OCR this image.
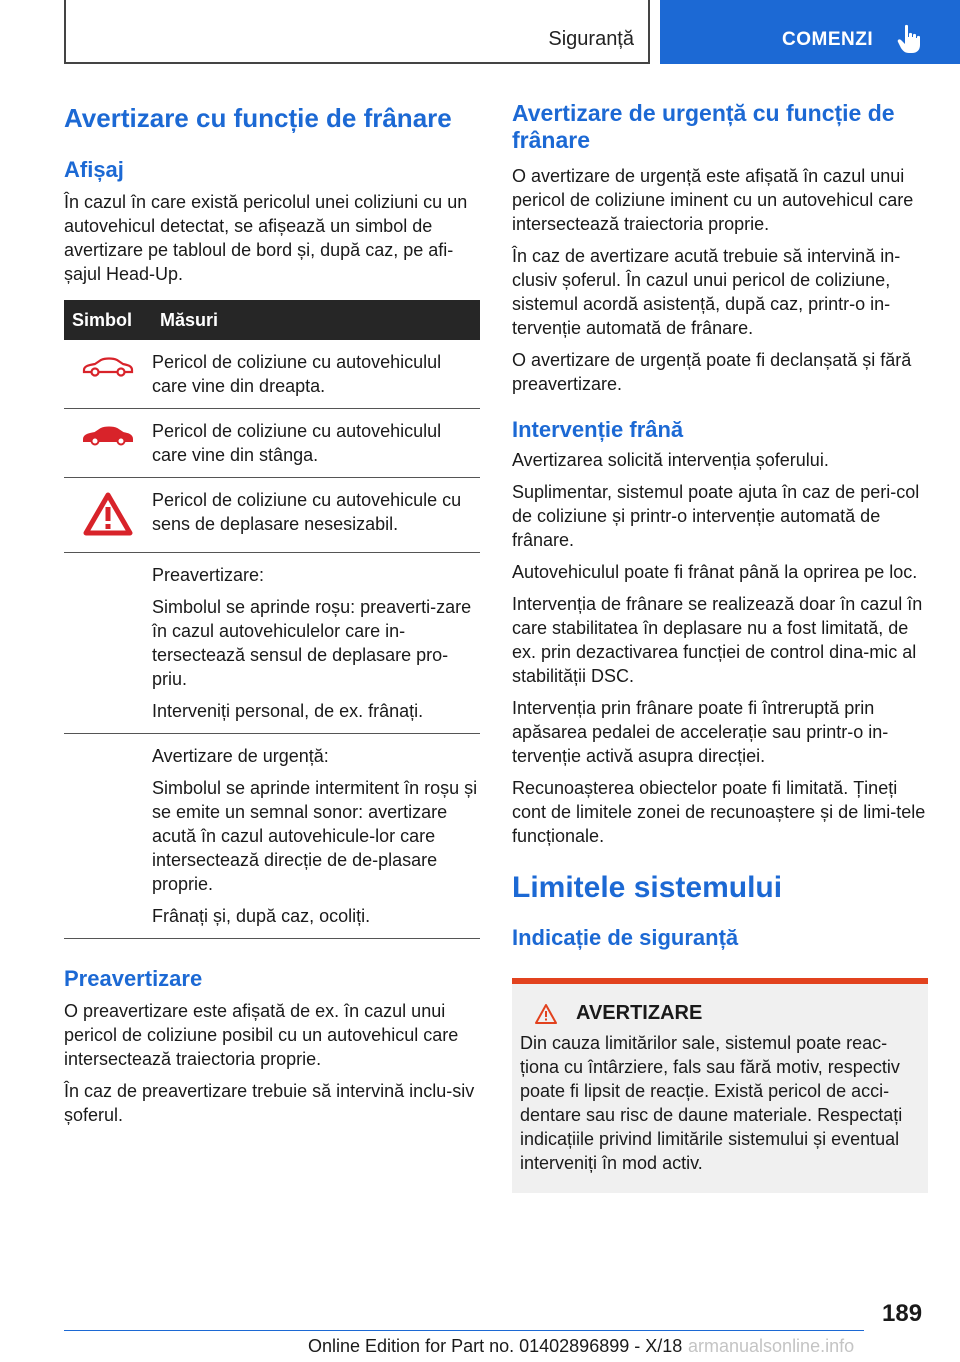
Siguranță	COMENZI
Avertizare cu funcție de frânare
Afișaj

În cazul în care există pericolul unei coliziuni cu un autovehicul detectat, se afișează un simbol de avertizare pe tabloul de bord și, după caz, pe afi‐șajul Head-Up.

Simbol	Măsuri

Pericol de coliziune cu autovehiculul care vine din dreapta.

Pericol de coliziune cu autovehiculul care vine din stânga.

Pericol de coliziune cu autovehicule cu sens de deplasare nesesizabil.

	Preavertizare:

Simbolul se aprinde roșu: preaverti‐zare în cazul autovehiculelor care in‐tersectează sensul de deplasare pro‐priu.

Interveniți personal, de ex. frânați.

	Avertizare de urgență:

Simbolul se aprinde intermitent în roșu și se emite un semnal sonor: avertizare acută în cazul autovehicule‐lor care intersectează direcție de de‐plasare proprie.

Frânați și, după caz, ocoliți.

Preavertizare

O preavertizare este afișată de ex. în cazul unui pericol de coliziune posibil cu un autovehicul care intersectează traiectoria proprie.

În caz de preavertizare trebuie să intervină inclu‐siv șoferul.

Avertizare de urgență cu funcție de frânare

O avertizare de urgență este afișată în cazul unui pericol de coliziune iminent cu un autovehicul care intersectează traiectoria proprie.

În caz de avertizare acută trebuie să intervină in‐clusiv șoferul. În cazul unui pericol de coliziune, sistemul acordă asistență, după caz, printr-o in‐tervenție automată de frânare.

O avertizare de urgență poate fi declanșată și fără preavertizare.

Intervenție frână

Avertizarea solicită intervenția șoferului.

Suplimentar, sistemul poate ajuta în caz de peri‐col de coliziune și printr-o intervenție automată de frânare.

Autovehiculul poate fi frânat până la oprirea pe loc.

Intervenția de frânare se realizează doar în cazul în care stabilitatea în deplasare nu a fost limitată, de ex. prin dezactivarea funcției de control dina‐mic al stabilității DSC.

Intervenția prin frânare poate fi întreruptă prin apăsarea pedalei de accelerație sau printr-o in‐tervenție activă asupra direcției.

Recunoașterea obiectelor poate fi limitată. Țineți cont de limitele zonei de recunoaștere și de limi‐tele funcționale.

Limitele sistemului
Indicație de siguranță
AVERTIZARE

Din cauza limitărilor sale, sistemul poate reac‐ționa cu întârziere, fals sau fără motiv, respectiv poate fi lipsit de reacție. Există pericol de acci‐dentare sau risc de daune materiale. Respectați indicațiile privind limitările sistemului și eventual interveniți în mod activ.

189
Online Edition for Part no. 01402896899 - X/18 armanualsonline.info
